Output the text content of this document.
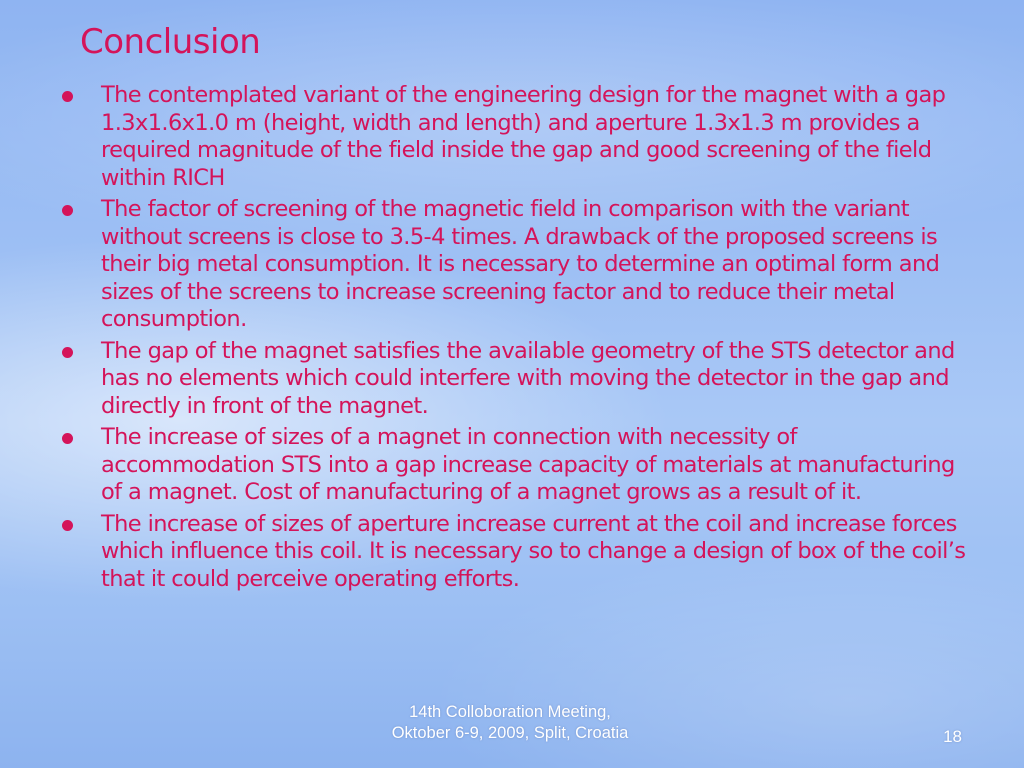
Conclusion
The contemplated variant of the engineering design for the magnet with a gap 1.3x1.6x1.0 m (height, width and length) and aperture 1.3x1.3 m provides a required magnitude of the field inside the gap and good screening of the field within RICH
The factor of screening of the magnetic field in comparison with the variant without screens is close to 3.5-4 times. A drawback of the proposed screens is their big metal consumption. It is necessary to determine an optimal form and sizes of the screens to increase screening factor and to reduce their metal consumption.
The gap of the magnet satisfies the available geometry of the STS detector and has no elements which could interfere with moving the detector in the gap and directly in front of the magnet.
The increase of sizes of a magnet in connection with necessity of accommodation STS into a gap increase capacity of materials at manufacturing of a magnet. Cost of manufacturing of a magnet grows as a result of it.
The increase of sizes of aperture increase current at the coil and increase forces which influence this coil. It is necessary so to change a design of box of the coil’s that it could perceive operating efforts.
14th Colloboration Meeting,
Oktober 6-9, 2009, Split, Croatia	18
